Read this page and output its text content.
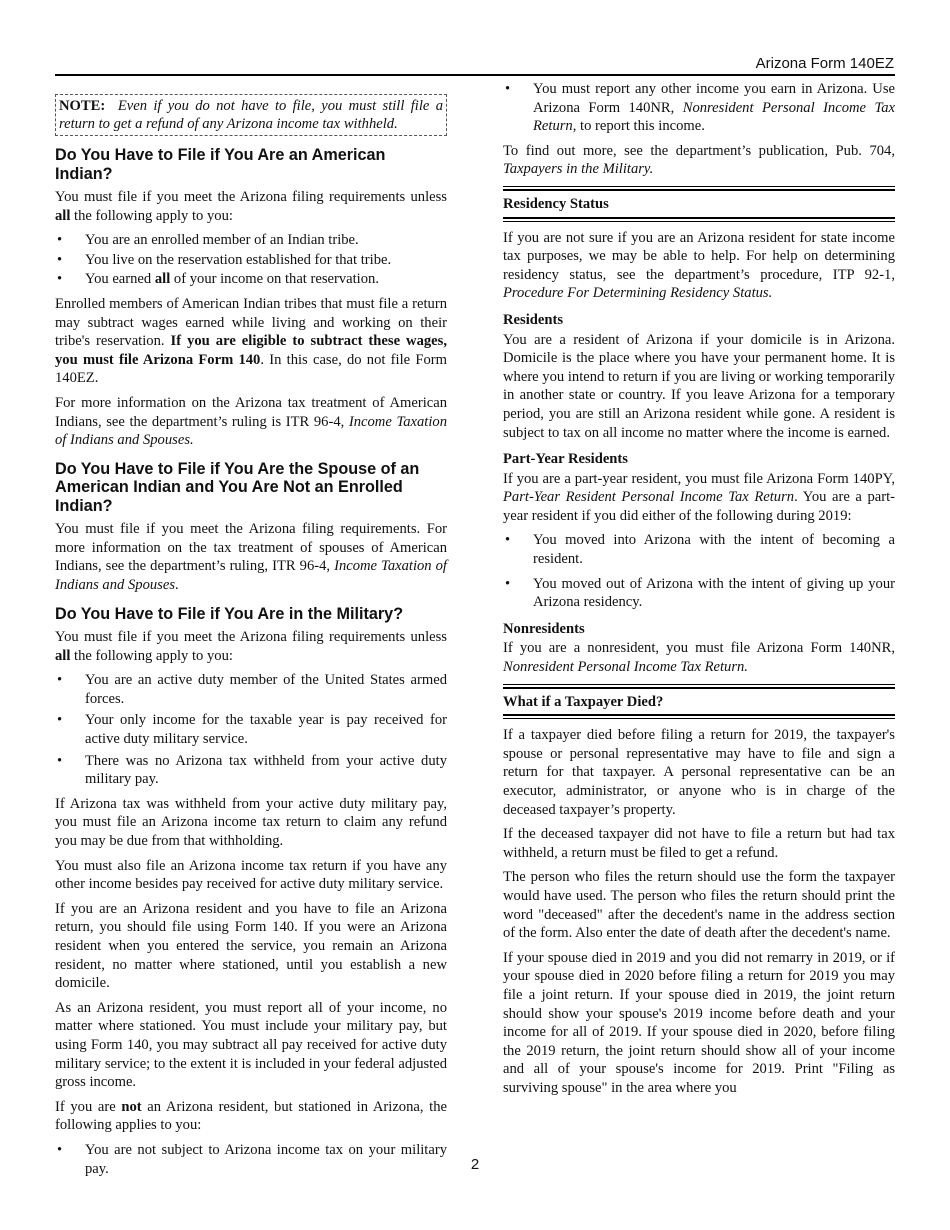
Arizona Form 140EZ
NOTE: Even if you do not have to file, you must still file a return to get a refund of any Arizona income tax withheld.
Do You Have to File if You Are an American Indian?

You must file if you meet the Arizona filing requirements unless all the following apply to you:

• You are an enrolled member of an Indian tribe.
• You live on the reservation established for that tribe.
• You earned all of your income on that reservation.

Enrolled members of American Indian tribes that must file a return may subtract wages earned while living and working on their tribe's reservation. If you are eligible to subtract these wages, you must file Arizona Form 140. In this case, do not file Form 140EZ.

For more information on the Arizona tax treatment of American Indians, see the department’s ruling is ITR 96-4, Income Taxation of Indians and Spouses.

Do You Have to File if You Are the Spouse of an American Indian and You Are Not an Enrolled Indian?

You must file if you meet the Arizona filing requirements. For more information on the tax treatment of spouses of American Indians, see the department’s ruling, ITR 96-4, Income Taxation of Indians and Spouses.

Do You Have to File if You Are in the Military?

You must file if you meet the Arizona filing requirements unless all the following apply to you:

• You are an active duty member of the United States armed forces.
• Your only income for the taxable year is pay received for active duty military service.
• There was no Arizona tax withheld from your active duty military pay.

If Arizona tax was withheld from your active duty military pay, you must file an Arizona income tax return to claim any refund you may be due from that withholding.

You must also file an Arizona income tax return if you have any other income besides pay received for active duty military service.

If you are an Arizona resident and you have to file an Arizona return, you should file using Form 140. If you were an Arizona resident when you entered the service, you remain an Arizona resident, no matter where stationed, until you establish a new domicile.

As an Arizona resident, you must report all of your income, no matter where stationed. You must include your military pay, but using Form 140, you may subtract all pay received for active duty military service; to the extent it is included in your federal adjusted gross income.

If you are not an Arizona resident, but stationed in Arizona, the following applies to you:

• You are not subject to Arizona income tax on your military pay.
• You must report any other income you earn in Arizona. Use Arizona Form 140NR, Nonresident Personal Income Tax Return, to report this income.

To find out more, see the department’s publication, Pub. 704, Taxpayers in the Military.

Residency Status

If you are not sure if you are an Arizona resident for state income tax purposes, we may be able to help. For help on determining residency status, see the department’s procedure, ITP 92-1, Procedure For Determining Residency Status.

Residents

You are a resident of Arizona if your domicile is in Arizona. Domicile is the place where you have your permanent home. It is where you intend to return if you are living or working temporarily in another state or country. If you leave Arizona for a temporary period, you are still an Arizona resident while gone. A resident is subject to tax on all income no matter where the income is earned.

Part-Year Residents

If you are a part-year resident, you must file Arizona Form 140PY, Part-Year Resident Personal Income Tax Return. You are a part-year resident if you did either of the following during 2019:

• You moved into Arizona with the intent of becoming a resident.
• You moved out of Arizona with the intent of giving up your Arizona residency.
Nonresidents

If you are a nonresident, you must file Arizona Form 140NR, Nonresident Personal Income Tax Return.

What if a Taxpayer Died?

If a taxpayer died before filing a return for 2019, the taxpayer's spouse or personal representative may have to file and sign a return for that taxpayer. A personal representative can be an executor, administrator, or anyone who is in charge of the deceased taxpayer’s property.

If the deceased taxpayer did not have to file a return but had tax withheld, a return must be filed to get a refund.

The person who files the return should use the form the taxpayer would have used. The person who files the return should print the word "deceased" after the decedent's name in the address section of the form. Also enter the date of death after the decedent's name.

If your spouse died in 2019 and you did not remarry in 2019, or if your spouse died in 2020 before filing a return for 2019 you may file a joint return. If your spouse died in 2019, the joint return should show your spouse's 2019 income before death and your income for all of 2019. If your spouse died in 2020, before filing the 2019 return, the joint return should show all of your income and all of your spouse's income for 2019. Print "Filing as surviving spouse" in the area where you

2
